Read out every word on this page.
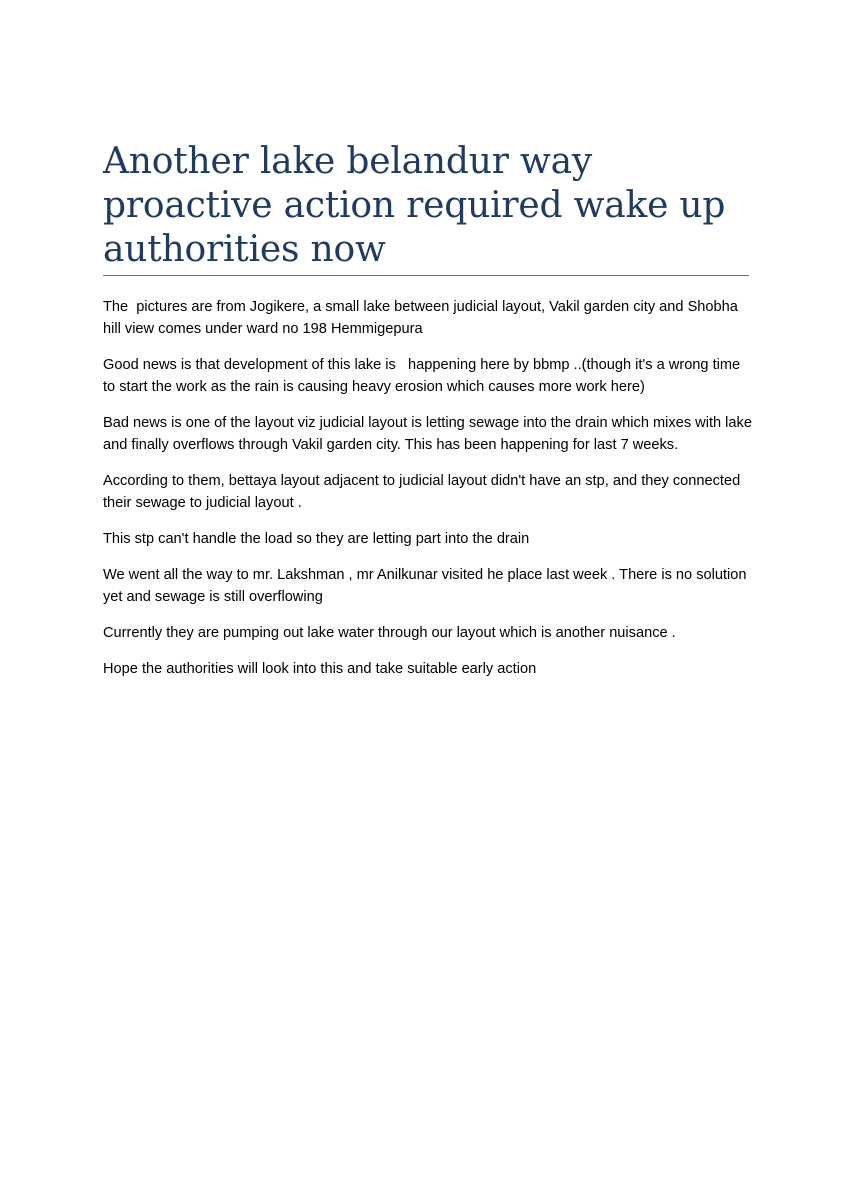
Another lake belandur way proactive action required wake up authorities now

The  pictures are from Jogikere, a small lake between judicial layout, Vakil garden city and Shobha hill view comes under ward no 198 Hemmigepura

Good news is that development of this lake is   happening here by bbmp ..(though it's a wrong time to start the work as the rain is causing heavy erosion which causes more work here)

Bad news is one of the layout viz judicial layout is letting sewage into the drain which mixes with lake and finally overflows through Vakil garden city. This has been happening for last 7 weeks.

According to them, bettaya layout adjacent to judicial layout didn't have an stp, and they connected their sewage to judicial layout .

This stp can't handle the load so they are letting part into the drain

We went all the way to mr. Lakshman , mr Anilkunar visited he place last week . There is no solution yet and sewage is still overflowing

Currently they are pumping out lake water through our layout which is another nuisance .

Hope the authorities will look into this and take suitable early action
